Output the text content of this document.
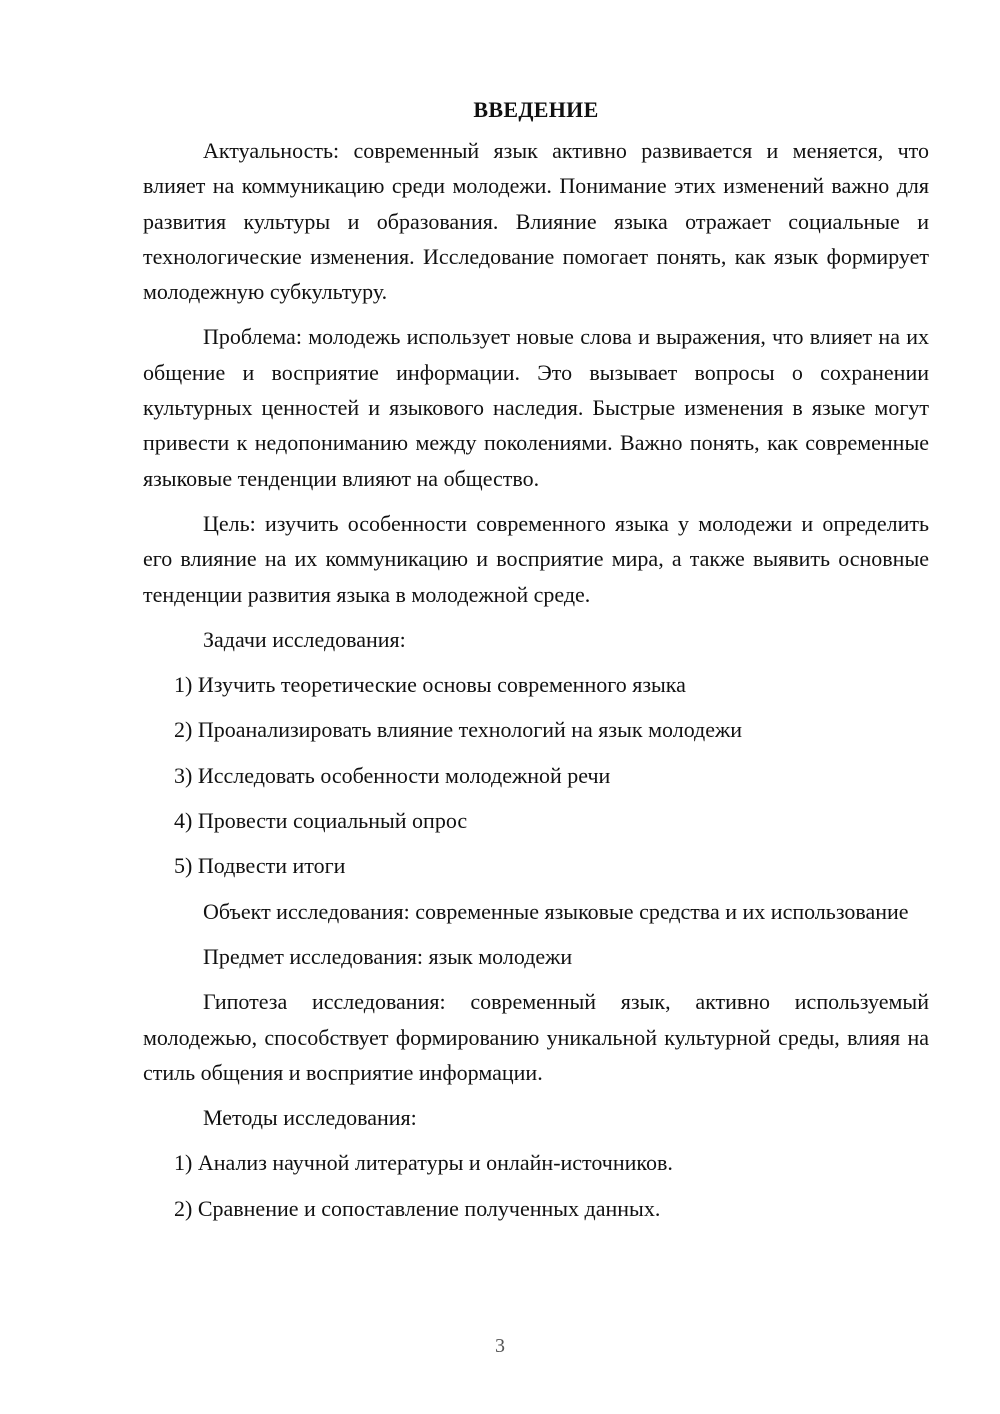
ВВЕДЕНИЕ

Актуальность: современный язык активно развивается и меняется, что влияет на коммуникацию среди молодежи. Понимание этих изменений важно для развития культуры и образования. Влияние языка отражает социальные и технологические изменения. Исследование помогает понять, как язык формирует молодежную субкультуру.

Проблема: молодежь использует новые слова и выражения, что влияет на их общение и восприятие информации. Это вызывает вопросы о сохранении культурных ценностей и языкового наследия. Быстрые изменения в языке могут привести к недопониманию между поколениями. Важно понять, как современные языковые тенденции влияют на общество.

Цель: изучить особенности современного языка у молодежи и определить его влияние на их коммуникацию и восприятие мира, а также выявить основные тенденции развития языка в молодежной среде.

Задачи исследования:
1) Изучить теоретические основы современного языка
2) Проанализировать влияние технологий на язык молодежи
3) Исследовать особенности молодежной речи
4) Провести социальный опрос
5) Подвести итоги

Объект исследования: современные языковые средства и их использование

Предмет исследования: язык молодежи

Гипотеза исследования: современный язык, активно используемый молодежью, способствует формированию уникальной культурной среды, влияя на стиль общения и восприятие информации.

Методы исследования:
1) Анализ научной литературы и онлайн-источников.
2) Сравнение и сопоставление полученных данных.
3
